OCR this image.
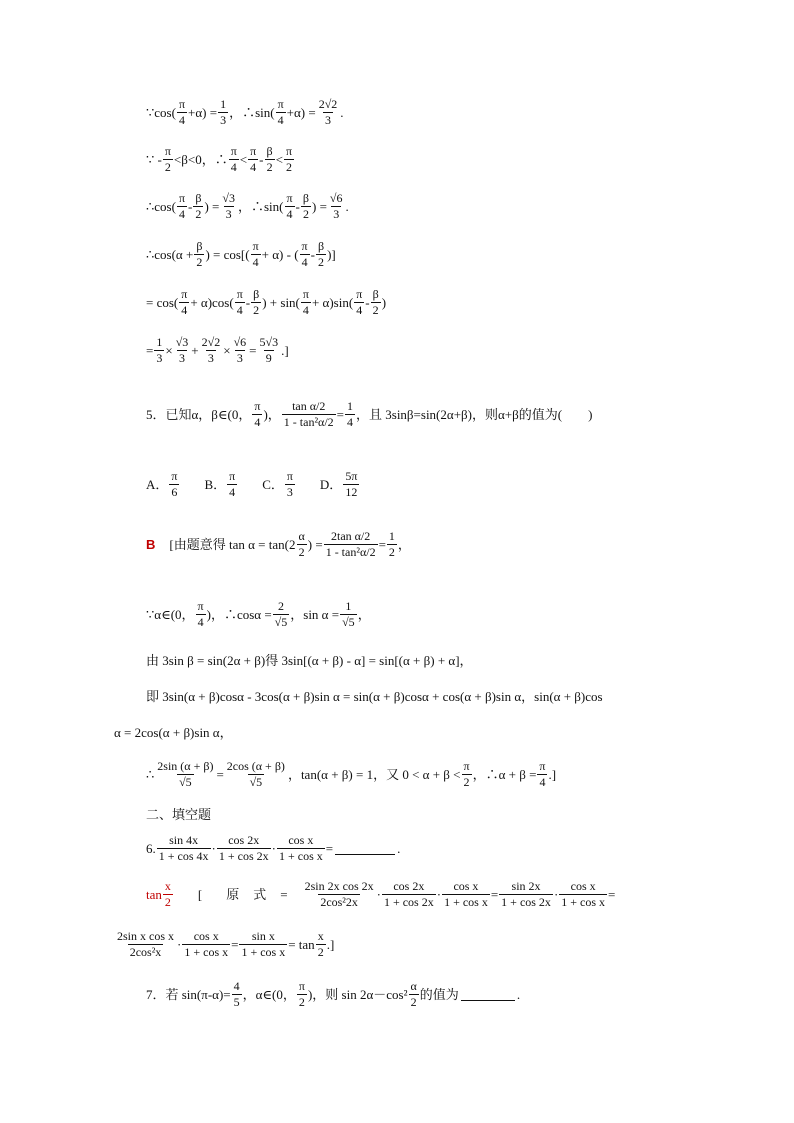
∵cos( $\frac{\pi}{4} +\alpha) = \frac{1}{3}$ ，∴sin( $\frac{\pi}{4} +\alpha) = \frac{2√2}{3}$ .
∵ - $\frac{\pi}{2} <\beta<0$，∴ $\frac{\pi}{4} < \frac{\pi}{4} - \frac{\beta}{2} < \frac{\pi}{2}$
∴cos( $\frac{\pi}{4} - \frac{\beta}{2}$ ) = $\frac{√3}{3}$ ，∴sin( $\frac{\pi}{4} - \frac{\beta}{2}$ ) = $\frac{√6}{3}$ .
∴cos(α + $\frac{\beta}{2}$ ) = $\cos[( \frac{\pi}{4} + \alpha)$ - ( $\frac{\pi}{4} - \frac{\beta}{2}$ )]
= $\cos( \frac{\pi}{4} + \alpha)\cos( \frac{\pi}{4} - \frac{\beta}{2}$ ) + $\sin( \frac{\pi}{4} + \alpha)\sin( \frac{\pi}{4} - \frac{\beta}{2}$ )
= $\frac{1}{3} \times \frac{√3}{3} + \frac{2√2}{3} \times \frac{√6}{3} = \frac{5√3}{9}$ .]
5．已知α，β∈(0， $\frac{\pi}{4}$ )， $\frac{\text{tan α/2}}{\text{1 - tan²α/2}} = \frac{1}{4}$ ，且 3sinβ=sin(2α+β)，则α+β的值为( )
A． $\frac{\pi}{6}$ B． $\frac{\pi}{4}$ C． $\frac{\pi}{3}$ D． $\frac{5\pi}{12}$
B [由题意得 $\tan \alpha = \tan(2 \frac{\alpha}{2}$ ) = $\frac{\text{2tan α/2}}{\text{1 - tan²α/2}} = \frac{1}{2}$ ，
∵α∈(0， $\frac{\pi}{4}$ )，∴cosα = $\frac{2}{√5}$ ，$\sin \alpha = \frac{1}{√5}$ ，
由 3sin β = sin(2α + β)得 3sin[(α + β) - α] = sin[(α + β) + α]，
即 3sin(α + β)cosα - 3cos(α + β)sin α = sin(α + β)cosα + cos(α + β)sin α，sin(α + β)cos
α = 2cos(α + β)sin α，
∴ $\frac{2\sin (\alpha + \beta)}{√5} = \frac{2\cos (\alpha + \beta)}{√5}$ ，tan(α + β) = 1，又 $0 < \alpha + \beta < \frac{\pi}{2}$ ，∴α + $\beta = \frac{\pi}{4}$ .]
二、填空题
6. $\frac{\sin 4x}{1 + \cos 4x} \cdot \frac{\cos 2x}{1 + \cos 2x} \cdot \frac{\text{cos x}}{\text{1 + cos x}}$ =	.
$\tan \frac{x}{2}$ [ 原 式 = $\frac{\text{2sin 2x cos 2x}}{\text{2cos²2x}} \cdot \frac{\cos 2x}{1 + \cos 2x} \cdot \frac{\text{cos x}}{\text{1 + cos x}} = \frac{\sin 2x}{1 + \cos 2x} \cdot \frac{\text{cos x}}{\text{1 + cos x}}$ =
$\frac{\text{2sin x cos x}}{\text{2cos²x}} \cdot \frac{\text{cos x}}{\text{1 + cos x}} = \frac{\text{sin x}}{\text{1 + cos x}} = \tan \frac{x}{2}$ .]
7．若 $\sin(\pi-\alpha)= \frac{4}{5}$ ，α∈(0， $\frac{\pi}{2}$ )，则 $\sin 2\alpha-\cos^2 \frac{\alpha}{2}$ 的值为	.
